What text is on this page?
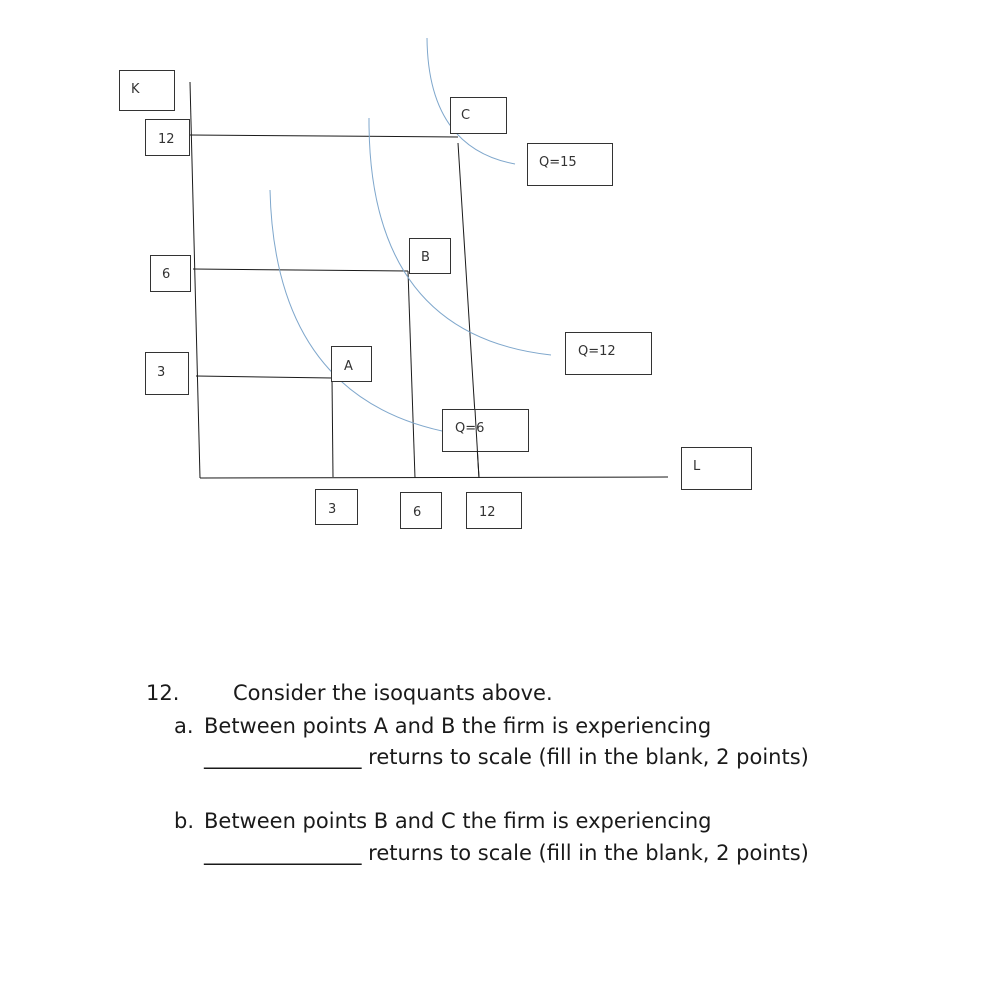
K
L
12
6
3
3	6	12
A
B
C
Q=6
Q=12
Q=15

12.	Consider the isoquants above.

a. Between points A and B the firm is experiencing

_______________ returns to scale (fill in the blank, 2 points)

b. Between points B and C the firm is experiencing

_______________ returns to scale (fill in the blank, 2 points)
